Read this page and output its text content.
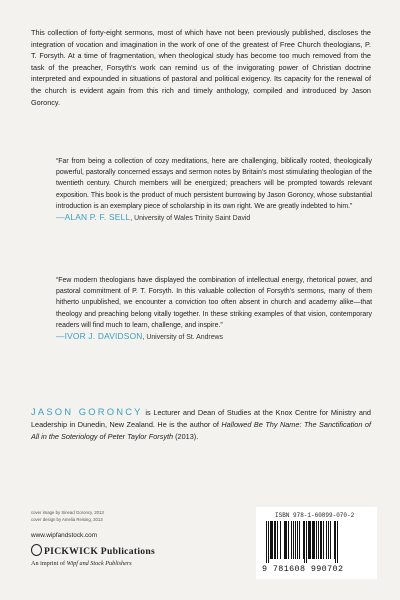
This collection of forty-eight sermons, most of which have not been previously published, discloses the integration of vocation and imagination in the work of one of the greatest of Free Church theologians, P. T. Forsyth. At a time of fragmentation, when theological study has become too much removed from the task of the preacher, Forsyth's work can remind us of the invigorating power of Christian doctrine interpreted and expounded in situations of pastoral and political exigency. Its capacity for the renewal of the church is evident again from this rich and timely anthology, compiled and introduced by Jason Goroncy.

“Far from being a collection of cozy meditations, here are challenging, biblically rooted, theologically powerful, pastorally concerned essays and sermon notes by Britain’s most stimulating theologian of the twentieth century. Church members will be energized; preachers will be prompted towards relevant exposition. This book is the product of much persistent burrowing by Jason Goroncy, whose substantial introduction is an exemplary piece of scholarship in its own right. We are greatly indebted to him.”

—ALAN P. F. SELL, University of Wales Trinity Saint David

“Few modern theologians have displayed the combination of intellectual energy, rhetorical power, and pastoral commitment of P. T. Forsyth. In this valuable collection of Forsyth’s sermons, many of them hitherto unpublished, we encounter a conviction too often absent in church and academy alike—that theology and preaching belong vitally together. In these striking examples of that vision, contemporary readers will find much to learn, challenge, and inspire.”

—IVOR J. DAVIDSON, University of St. Andrews

JASON GORONCY is Lecturer and Dean of Studies at the Knox Centre for Ministry and Leadership in Dunedin, New Zealand. He is the author of Hallowed Be Thy Name: The Sanctification of All in the Soteriology of Peter Taylor Forsyth (2013).

cover image by Sinead Goroncy, 2013
cover design by Amelia Reising, 2013
www.wipfandstock.com
PICKWICK Publications
An imprint of Wipf and Stock Publishers
ISBN 978-1-60899-070-2
9 781608 990702
